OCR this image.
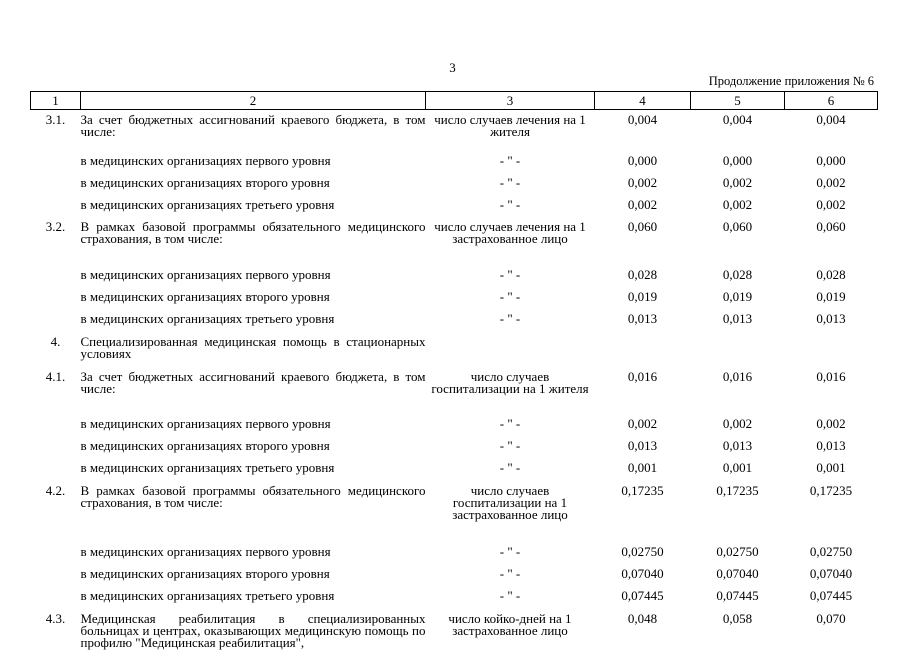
3
Продолжение приложения № 6
1	2	3	4	5	6
3.1.	За счет бюджетных ассигнований краевого бюджета, в том числе:	число случаев лечения на 1 жителя	0,004	0,004	0,004
	в медицинских организациях первого уровня	- " -	0,000	0,000	0,000
	в медицинских организациях второго уровня	- " -	0,002	0,002	0,002
	в медицинских организациях третьего уровня	- " -	0,002	0,002	0,002
3.2.	В рамках базовой программы обязательного медицинского страхования, в том числе:	число случаев лечения на 1 застрахованное лицо	0,060	0,060	0,060
	в медицинских организациях первого уровня	- " -	0,028	0,028	0,028
	в медицинских организациях второго уровня	- " -	0,019	0,019	0,019
	в медицинских организациях третьего уровня	- " -	0,013	0,013	0,013
4.	Специализированная медицинская помощь в стационарных условиях				
4.1.	За счет бюджетных ассигнований краевого бюджета, в том числе:	число случаев госпитализации на 1 жителя	0,016	0,016	0,016
	в медицинских организациях первого уровня	- " -	0,002	0,002	0,002
	в медицинских организациях второго уровня	- " -	0,013	0,013	0,013
	в медицинских организациях третьего уровня	- " -	0,001	0,001	0,001
4.2.	В рамках базовой программы обязательного медицинского страхования, в том числе:	число случаев госпитализации на 1 застрахованное лицо	0,17235	0,17235	0,17235
	в медицинских организациях первого уровня	- " -	0,02750	0,02750	0,02750
	в медицинских организациях второго уровня	- " -	0,07040	0,07040	0,07040
	в медицинских организациях третьего уровня	- " -	0,07445	0,07445	0,07445
4.3.	Медицинская реабилитация в специализированных больницах и центрах, оказывающих медицинскую помощь по профилю "Медицинская реабилитация",	число койко-дней на 1 застрахованное лицо	0,048	0,058	0,070
